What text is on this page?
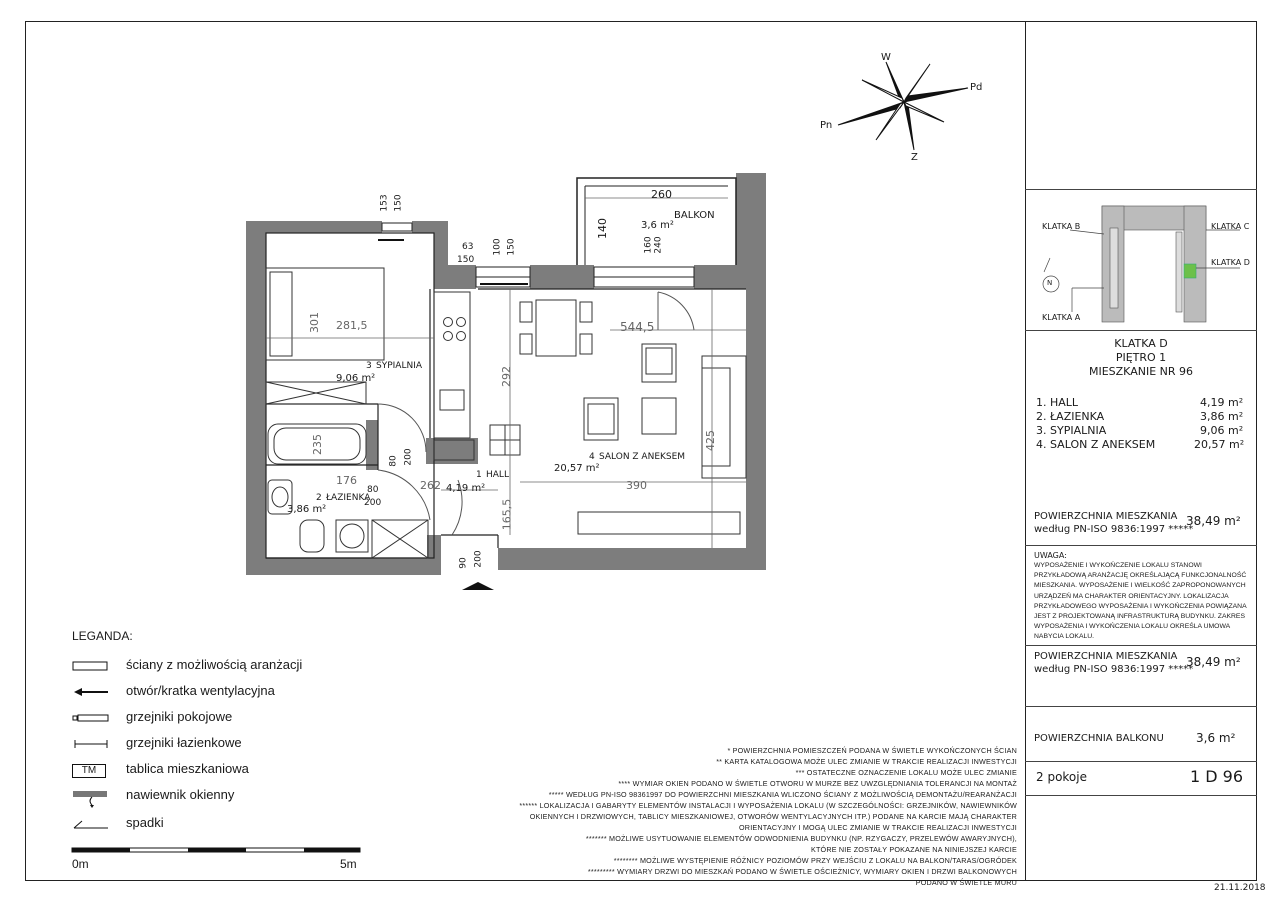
W
Pd
Pn
Z
KLATKA B	KLATKA C
KLATKA D
KLATKA A
N
KLATKA D
PIĘTRO 1
MIESZKANIE NR 96
1. HALL	4,19 m²
2. ŁAZIENKA	3,86 m²
3. SYPIALNIA	9,06 m²
4. SALON Z ANEKSEM	20,57 m²
POWIERZCHNIA MIESZKANIA
według PN-ISO 9836:1997 *****
38,49 m²
UWAGA:
WYPOSAŻENIE I WYKOŃCZENIE LOKALU STANOWI PRZYKŁADOWĄ ARANŻACJĘ OKREŚLAJĄCĄ FUNKCJONALNOŚĆ MIESZKANIA. WYPOSAŻENIE I WIELKOŚĆ ZAPROPONOWANYCH URZĄDZEŃ MA CHARAKTER ORIENTACYJNY. LOKALIZACJA PRZYKŁADOWEGO WYPOSAŻENIA I WYKOŃCZENIA POWIĄZANA JEST Z PROJEKTOWANĄ INFRASTRUKTURĄ BUDYNKU. ZAKRES WYPOSAŻENIA I WYKOŃCZENIA LOKALU OKREŚLA UMOWA NABYCIA LOKALU.
POWIERZCHNIA MIESZKANIA
według PN-ISO 9836:1997 *****
38,49 m²
POWIERZCHNIA BALKONU	3,6 m²
2 pokoje	1 D 96
21.11.2018
BALKON
260
140	3,6 m²
160 240
153 150
63
150
100 150
301 281,5
3 SYPIALNIA
9,06 m²	292
544,5
425
4 SALON Z ANEKSEM
20,57 m²
235
176
2 ŁAZIENKA
3,86 m²
80
200
262
1 HALL
4,19 m²
165,5
80 200
390
90 200
LEGANDA:
ściany z możliwością aranżacji
otwór/kratka wentylacyjna
grzejniki pokojowe
grzejniki łazienkowe
TM	tablica mieszkaniowa
nawiewnik okienny
spadki
0m	5m
* POWIERZCHNIA POMIESZCZEŃ PODANA W ŚWIETLE WYKOŃCZONYCH ŚCIAN
** KARTA KATALOGOWA MOŻE ULEC ZMIANIE W TRAKCIE REALIZACJI INWESTYCJI
*** OSTATECZNE OZNACZENIE LOKALU MOŻE ULEC ZMIANIE
**** WYMIAR OKIEN PODANO W ŚWIETLE OTWORU W MURZE BEZ UWZGLĘDNIANIA TOLERANCJI NA MONTAŻ
***** WEDŁUG PN-ISO 98361997 DO POWIERZCHNI MIESZKANIA WLICZONO ŚCIANY Z MOŻLIWOŚCIĄ DEMONTAŻU/REARANŻACJI
****** LOKALIZACJA I GABARYTY ELEMENTÓW INSTALACJI I WYPOSAŻENIA LOKALU (W SZCZEGÓLNOŚCI: GRZEJNIKÓW, NAWIEWNIKÓW
OKIENNYCH I DRZWIOWYCH, TABLICY MIESZKANIOWEJ, OTWORÓW WENTYLACYJNYCH ITP.) PODANE NA KARCIE MAJĄ CHARAKTER
ORIENTACYJNY I MOGĄ ULEC ZMIANIE W TRAKCIE REALIZACJI INWESTYCJI
******* MOŻLIWE USYTUOWANIE ELEMENTÓW ODWODNIENIA BUDYNKU (NP. RZYGACZY, PRZELEWÓW AWARYJNYCH),
KTÓRE NIE ZOSTAŁY POKAZANE NA NINIEJSZEJ KARCIE
******** MOŻLIWE WYSTĘPIENIE RÓŻNICY POZIOMÓW PRZY WEJŚCIU Z LOKALU NA BALKON/TARAS/OGRÓDEK
********* WYMIARY DRZWI DO MIESZKAŃ PODANO W ŚWIETLE OŚCIEŻNICY, WYMIARY OKIEN I DRZWI BALKONOWYCH
PODANO W ŚWIETLE MURU
